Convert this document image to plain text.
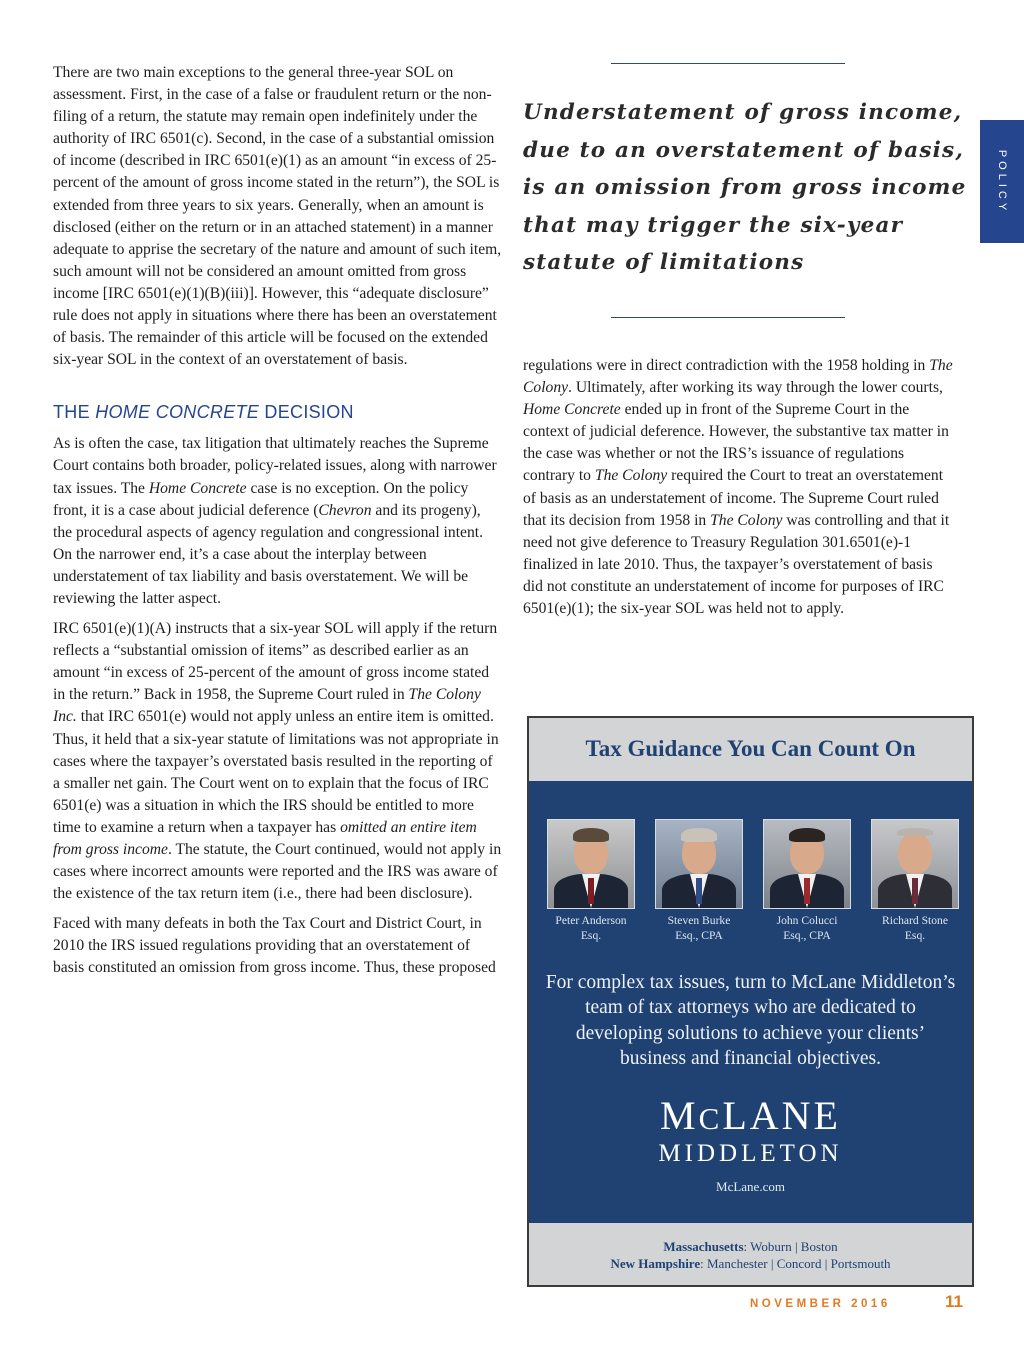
There are two main exceptions to the general three-year SOL on assessment. First, in the case of a false or fraudulent return or the non-filing of a return, the statute may remain open indefinitely under the authority of IRC 6501(c). Second, in the case of a substantial omission of income (described in IRC 6501(e)(1) as an amount “in excess of 25-percent of the amount of gross income stated in the return”), the SOL is extended from three years to six years. Generally, when an amount is disclosed (either on the return or in an attached statement) in a manner adequate to apprise the secretary of the nature and amount of such item, such amount will not be considered an amount omitted from gross income [IRC 6501(e)(1)(B)(iii)]. However, this “adequate disclosure” rule does not apply in situations where there has been an overstatement of basis. The remainder of this article will be focused on the extended six-year SOL in the context of an overstatement of basis.

THE HOME CONCRETE DECISION

As is often the case, tax litigation that ultimately reaches the Supreme Court contains both broader, policy-related issues, along with narrower tax issues. The Home Concrete case is no exception. On the policy front, it is a case about judicial deference (Chevron and its progeny), the procedural aspects of agency regulation and congressional intent. On the narrower end, it’s a case about the interplay between understatement of tax liability and basis overstatement. We will be reviewing the latter aspect.

IRC 6501(e)(1)(A) instructs that a six-year SOL will apply if the return reflects a “substantial omission of items” as described earlier as an amount “in excess of 25-percent of the amount of gross income stated in the return.” Back in 1958, the Supreme Court ruled in The Colony Inc. that IRC 6501(e) would not apply unless an entire item is omitted. Thus, it held that a six-year statute of limitations was not appropriate in cases where the taxpayer’s overstated basis resulted in the reporting of a smaller net gain. The Court went on to explain that the focus of IRC 6501(e) was a situation in which the IRS should be entitled to more time to examine a return when a taxpayer has omitted an entire item from gross income. The statute, the Court continued, would not apply in cases where incorrect amounts were reported and the IRS was aware of the existence of the tax return item (i.e., there had been disclosure).

Faced with many defeats in both the Tax Court and District Court, in 2010 the IRS issued regulations providing that an overstatement of basis constituted an omission from gross income. Thus, these proposed

Understatement of gross income, due to an overstatement of basis, is an omission from gross income that may trigger the six-year statute of limitations
POLICY

regulations were in direct contradiction with the 1958 holding in The Colony. Ultimately, after working its way through the lower courts, Home Concrete ended up in front of the Supreme Court in the context of judicial deference. However, the substantive tax matter in the case was whether or not the IRS’s issuance of regulations contrary to The Colony required the Court to treat an overstatement of basis as an understatement of income. The Supreme Court ruled that its decision from 1958 in The Colony was controlling and that it need not give deference to Treasury Regulation 301.6501(e)-1 finalized in late 2010. Thus, the taxpayer’s overstatement of basis did not constitute an understatement of income for purposes of IRC 6501(e)(1); the six-year SOL was held not to apply.

Tax Guidance You Can Count On
Peter Anderson
Esq.
Steven Burke
Esq., CPA
John Colucci
Esq., CPA
Richard Stone
Esq.
For complex tax issues, turn to McLane Middleton’s team of tax attorneys who are dedicated to developing solutions to achieve your clients’ business and financial objectives.
MCLANE
MIDDLETON
McLane.com
Massachusetts: Woburn | Boston
New Hampshire: Manchester | Concord | Portsmouth
NOVEMBER 2016	11
